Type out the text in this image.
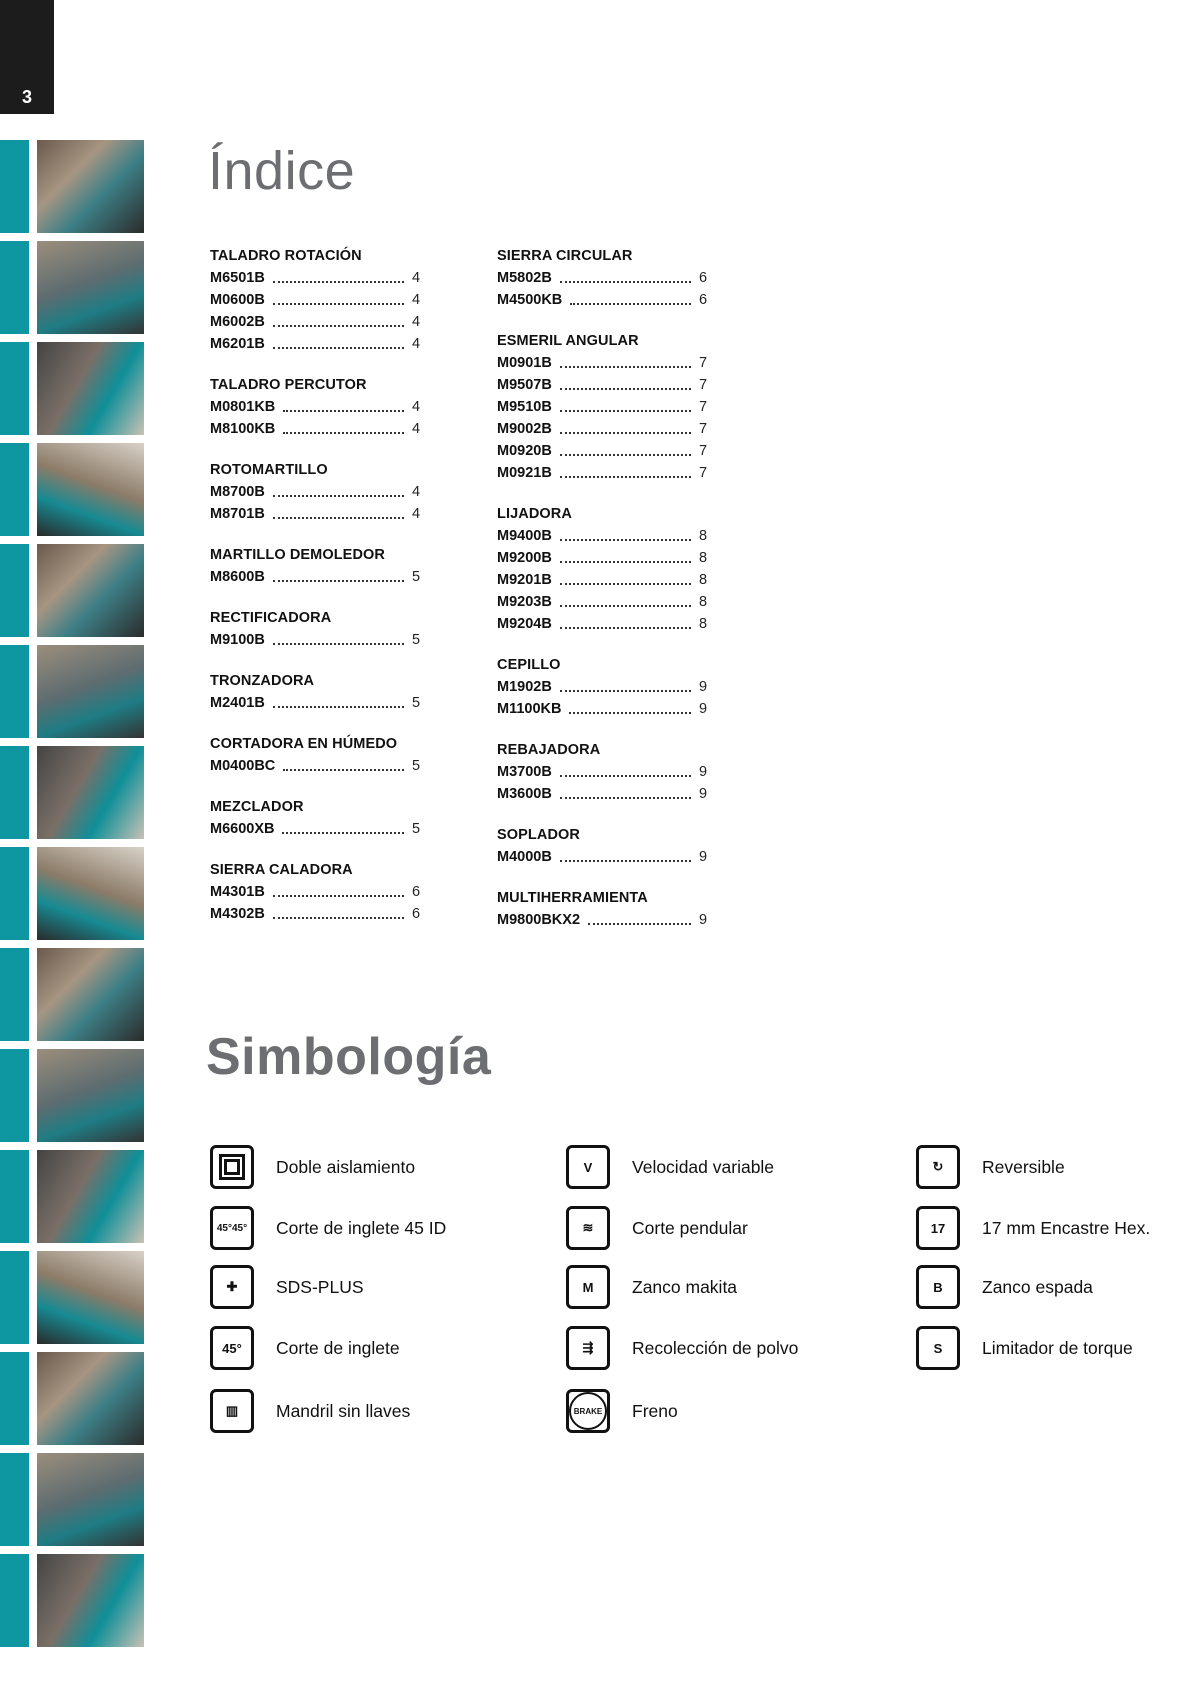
3
Índice
TALADRO ROTACIÓN
M6501B	4
M0600B	4
M6002B	4
M6201B	4
TALADRO PERCUTOR
M0801KB	4
M8100KB	4
ROTOMARTILLO
M8700B	4
M8701B	4
MARTILLO DEMOLEDOR
M8600B	5
RECTIFICADORA
M9100B	5
TRONZADORA
M2401B	5
CORTADORA EN HÚMEDO
M0400BC	5
MEZCLADOR
M6600XB	5
SIERRA CALADORA
M4301B	6
M4302B	6
SIERRA CIRCULAR
M5802B	6
M4500KB	6
ESMERIL ANGULAR
M0901B	7
M9507B	7
M9510B	7
M9002B	7
M0920B	7
M0921B	7
LIJADORA
M9400B	8
M9200B	8
M9201B	8
M9203B	8
M9204B	8
CEPILLO
M1902B	9
M1100KB	9
REBAJADORA
M3700B	9
M3600B	9
SOPLADOR
M4000B	9
MULTIHERRAMIENTA
M9800BKX2	9
Simbología
Doble aislamiento	V	Velocidad variable	↻	Reversible
45°45°	Corte de inglete 45 ID	≋	Corte pendular	17	17 mm Encastre Hex.
✚	SDS-PLUS	M	Zanco makita	B	Zanco espada
45°	Corte de inglete	⇶	Recolección de polvo	S	Limitador de torque
▥	Mandril sin llaves	BRAKE Freno
